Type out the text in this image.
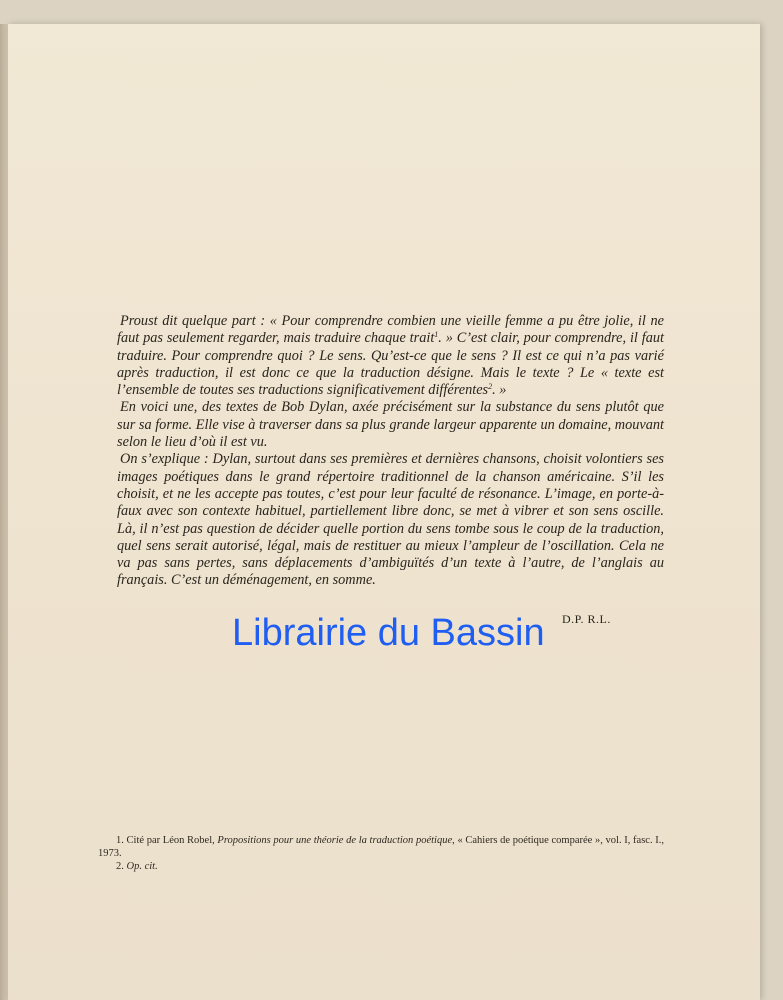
Proust dit quelque part : « Pour comprendre combien une vieille femme a pu être jolie, il ne faut pas seulement regarder, mais traduire chaque trait$^1$. » C’est clair, pour comprendre, il faut traduire. Pour comprendre quoi ? Le sens. Qu’est-ce que le sens ? Il est ce qui n’a pas varié après traduction, il est donc ce que la traduction désigne. Mais le texte ? Le « texte est l’ensemble de toutes ses traductions significativement différentes$^2$. »

En voici une, des textes de Bob Dylan, axée précisément sur la substance du sens plutôt que sur sa forme. Elle vise à traverser dans sa plus grande largeur apparente un domaine, mouvant selon le lieu d’où il est vu.

On s’explique : Dylan, surtout dans ses premières et dernières chansons, choisit volontiers ses images poétiques dans le grand répertoire traditionnel de la chanson américaine. S’il les choisit, et ne les accepte pas toutes, c’est pour leur faculté de résonance. L’image, en porte-à-faux avec son contexte habituel, partiellement libre donc, se met à vibrer et son sens oscille. Là, il n’est pas question de décider quelle portion du sens tombe sous le coup de la traduction, quel sens serait autorisé, légal, mais de restituer au mieux l’ampleur de l’oscillation. Cela ne va pas sans pertes, sans déplacements d’ambiguïtés d’un texte à l’autre, de l’anglais au français. C’est un déménagement, en somme.

D.P. R.L.
Librairie du Bassin

1. Cité par Léon Robel, Propositions pour une théorie de la traduction poétique, « Cahiers de poétique comparée », vol. I, fasc. I., 1973.

2. Op. cit.
